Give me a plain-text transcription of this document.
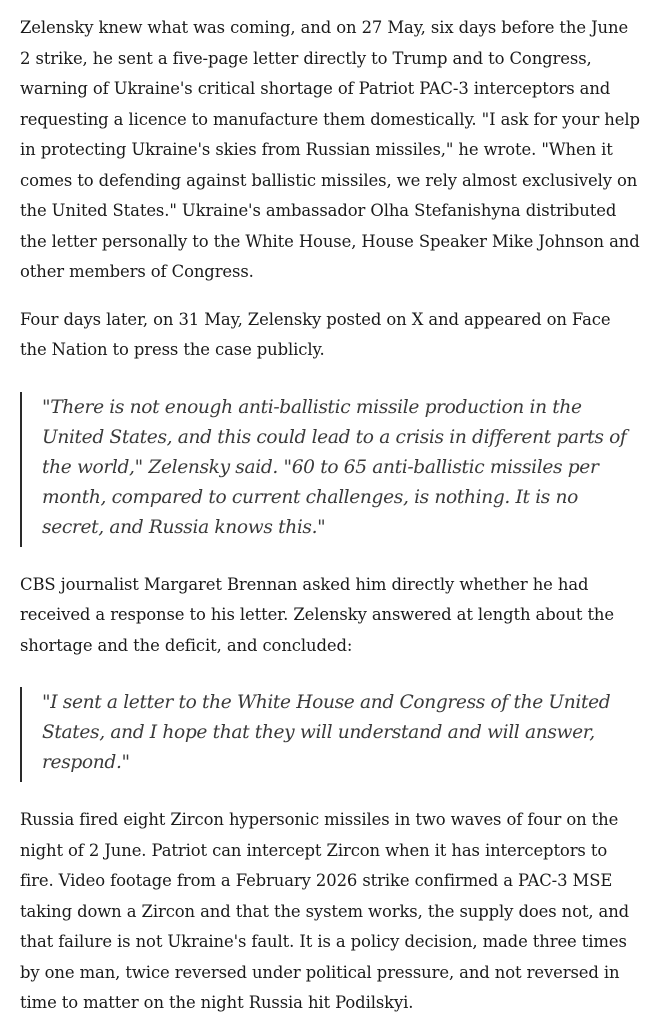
Zelensky knew what was coming, and on 27 May, six days before the June 2 strike, he sent a five-page letter directly to Trump and to Congress, warning of Ukraine's critical shortage of Patriot PAC-3 interceptors and requesting a licence to manufacture them domestically. "I ask for your help in protecting Ukraine's skies from Russian missiles," he wrote. "When it comes to defending against ballistic missiles, we rely almost exclusively on the United States." Ukraine's ambassador Olha Stefanishyna distributed the letter personally to the White House, House Speaker Mike Johnson and other members of Congress.

Four days later, on 31 May, Zelensky posted on X and appeared on Face the Nation to press the case publicly.

"There is not enough anti-ballistic missile production in the United States, and this could lead to a crisis in different parts of the world," Zelensky said. "60 to 65 anti-ballistic missiles per month, compared to current challenges, is nothing. It is no secret, and Russia knows this."

CBS journalist Margaret Brennan asked him directly whether he had received a response to his letter. Zelensky answered at length about the shortage and the deficit, and concluded:

"I sent a letter to the White House and Congress of the United States, and I hope that they will understand and will answer, respond."

Russia fired eight Zircon hypersonic missiles in two waves of four on the night of 2 June. Patriot can intercept Zircon when it has interceptors to fire. Video footage from a February 2026 strike confirmed a PAC-3 MSE taking down a Zircon and that the system works, the supply does not, and that failure is not Ukraine's fault. It is a policy decision, made three times by one man, twice reversed under political pressure, and not reversed in time to matter on the night Russia hit Podilskyi.
